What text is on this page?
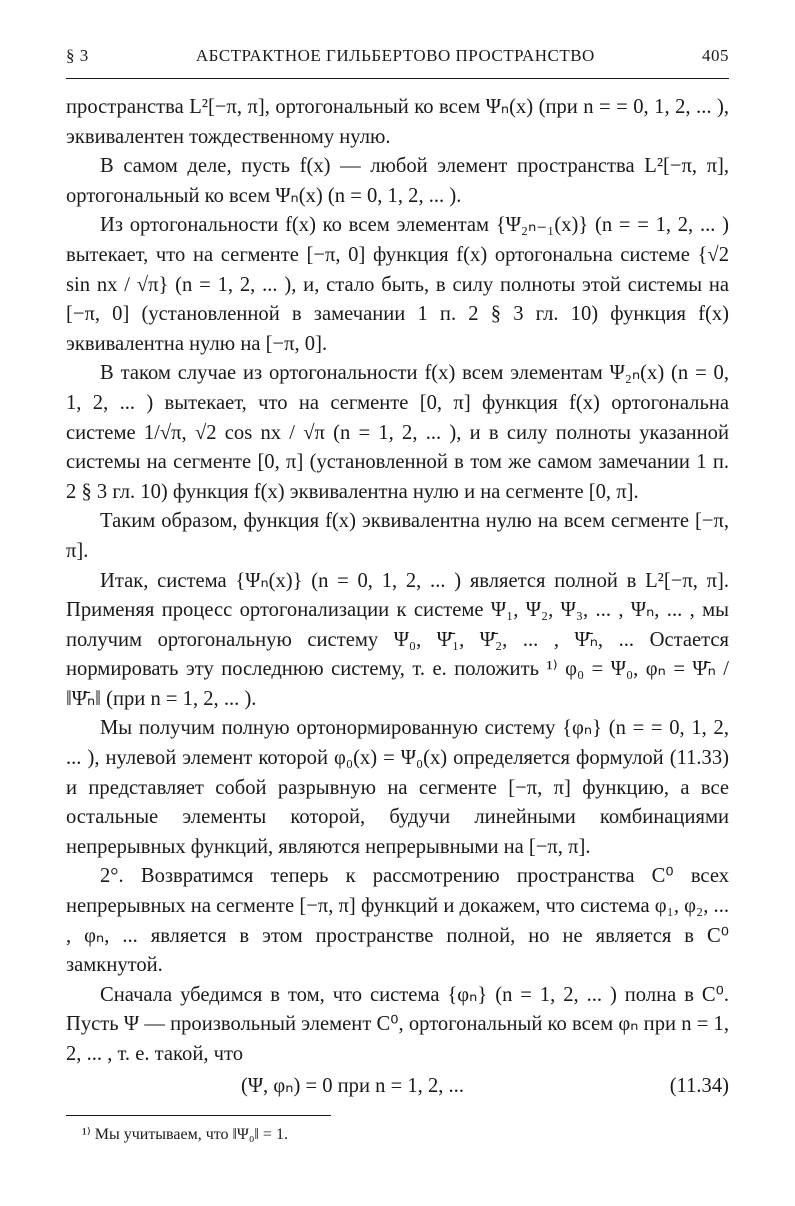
§ 3	АБСТРАКТНОЕ ГИЛЬБЕРТОВО ПРОСТРАНСТВО	405

пространства L²[−π, π], ортогональный ко всем Ψₙ(x) (при n = = 0, 1, 2, ... ), эквивалентен тождественному нулю.

В самом деле, пусть f(x) — любой элемент пространства L²[−π, π], ортогональный ко всем Ψₙ(x) (n = 0, 1, 2, ... ).

Из ортогональности f(x) ко всем элементам {Ψ₂ₙ₋₁(x)} (n = = 1, 2, ... ) вытекает, что на сегменте [−π, 0] функция f(x) ортогональна системе {√2 sin nx / √π} (n = 1, 2, ... ), и, стало быть, в силу полноты этой системы на [−π, 0] (установленной в замечании 1 п. 2 § 3 гл. 10) функция f(x) эквивалентна нулю на [−π, 0].

В таком случае из ортогональности f(x) всем элементам Ψ₂ₙ(x) (n = 0, 1, 2, ... ) вытекает, что на сегменте [0, π] функция f(x) ортогональна системе 1/√π, √2 cos nx / √π (n = 1, 2, ... ), и в силу полноты указанной системы на сегменте [0, π] (установленной в том же самом замечании 1 п. 2 § 3 гл. 10) функция f(x) эквивалентна нулю и на сегменте [0, π].

Таким образом, функция f(x) эквивалентна нулю на всем сегменте [−π, π].

Итак, система {Ψₙ(x)} (n = 0, 1, 2, ... ) является полной в L²[−π, π]. Применяя процесс ортогонализации к системе Ψ₁, Ψ₂, Ψ₃, ... , Ψₙ, ... , мы получим ортогональную систему Ψ₀, Ψ̄₁, Ψ̄₂, ... , Ψ̄ₙ, ... Остается нормировать эту последнюю систему, т. е. положить ¹⁾ φ₀ = Ψ₀, φₙ = Ψ̄ₙ / ‖Ψ̄ₙ‖ (при n = 1, 2, ... ).

Мы получим полную ортонормированную систему {φₙ} (n = = 0, 1, 2, ... ), нулевой элемент которой φ₀(x) = Ψ₀(x) определяется формулой (11.33) и представляет собой разрывную на сегменте [−π, π] функцию, а все остальные элементы которой, будучи линейными комбинациями непрерывных функций, являются непрерывными на [−π, π].

2°. Возвратимся теперь к рассмотрению пространства C⁰ всех непрерывных на сегменте [−π, π] функций и докажем, что система φ₁, φ₂, ... , φₙ, ... является в этом пространстве полной, но не является в C⁰ замкнутой.

Сначала убедимся в том, что система {φₙ} (n = 1, 2, ... ) полна в C⁰. Пусть Ψ — произвольный элемент C⁰, ортогональный ко всем φₙ при n = 1, 2, ... , т. е. такой, что

(Ψ, φₙ) = 0 при n = 1, 2, ...	(11.34)
¹⁾ Мы учитываем, что ‖Ψ₀‖ = 1.
